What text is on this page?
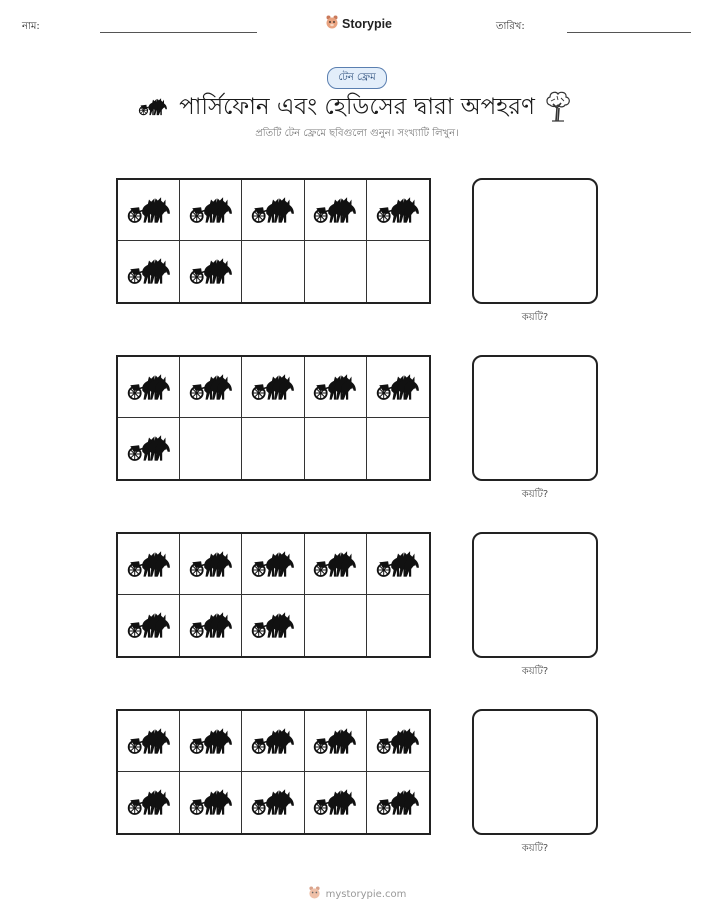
নাম:	Storypie	তারিখ:
টেন ফ্রেম
পার্সিফোন এবং হেডিসের দ্বারা অপহরণ
প্রতিটি টেন ফ্রেমে ছবিগুলো গুনুন। সংখ্যাটি লিখুন।
কয়টি?
কয়টি?
কয়টি?
কয়টি?
mystorypie.com
